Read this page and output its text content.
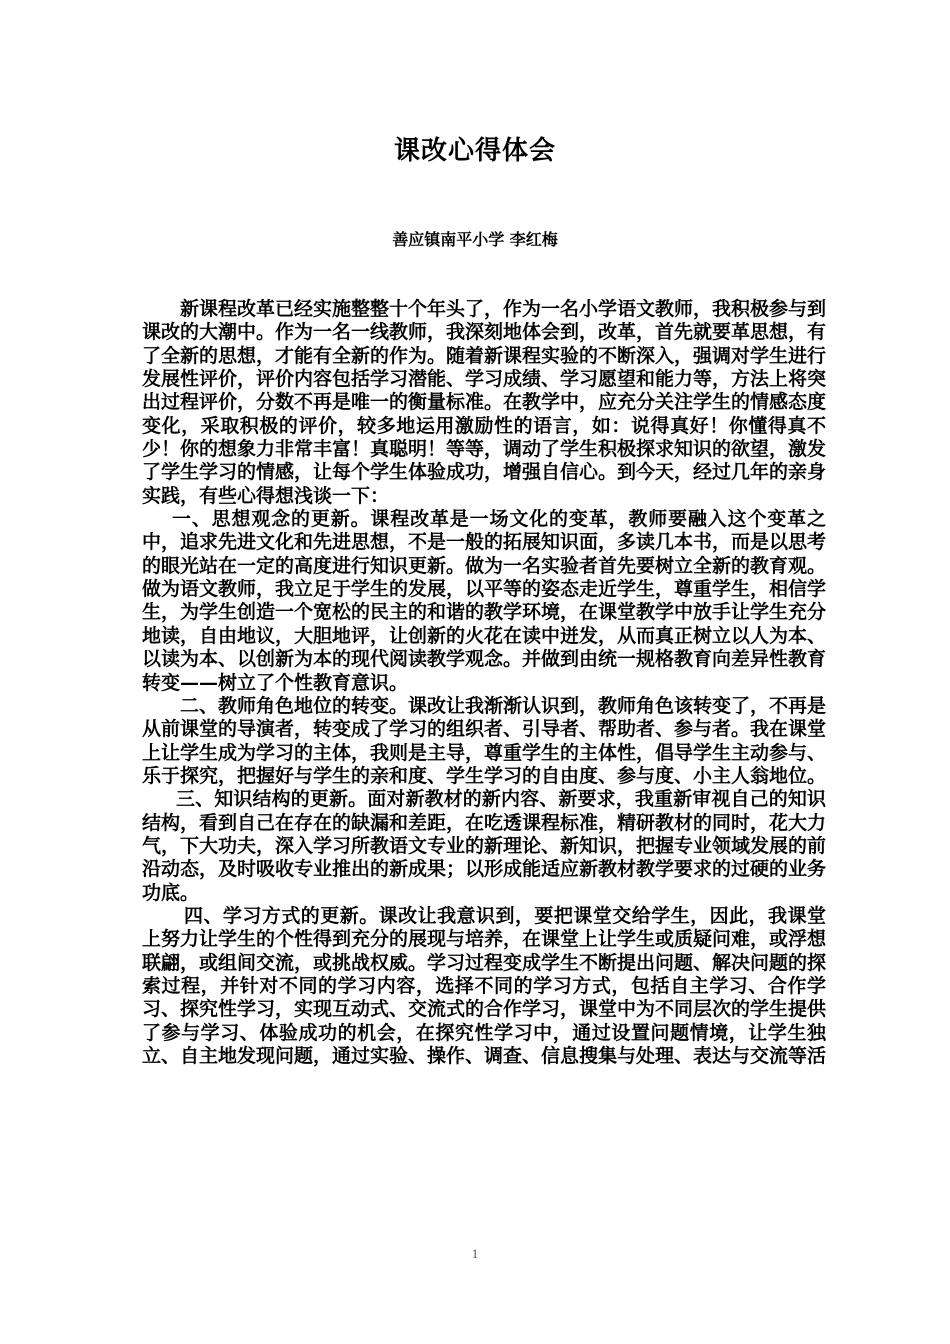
课改心得体会
善应镇南平小学 李红梅

新课程改革已经实施整整十个年头了，作为一名小学语文教师，我积极参与到课改的大潮中。作为一名一线教师，我深刻地体会到，改革，首先就要革思想，有了全新的思想，才能有全新的作为。随着新课程实验的不断深入，强调对学生进行发展性评价，评价内容包括学习潜能、学习成绩、学习愿望和能力等，方法上将突出过程评价，分数不再是唯一的衡量标准。在教学中，应充分关注学生的情感态度变化，采取积极的评价，较多地运用激励性的语言，如：说得真好！你懂得真不少！你的想象力非常丰富！真聪明！等等，调动了学生积极探求知识的欲望，激发了学生学习的情感，让每个学生体验成功，增强自信心。到今天，经过几年的亲身实践，有些心得想浅谈一下：

一、思想观念的更新。课程改革是一场文化的变革，教师要融入这个变革之中，追求先进文化和先进思想，不是一般的拓展知识面，多读几本书，而是以思考的眼光站在一定的高度进行知识更新。做为一名实验者首先要树立全新的教育观。做为语文教师，我立足于学生的发展，以平等的姿态走近学生，尊重学生，相信学生，为学生创造一个宽松的民主的和谐的教学环境，在课堂教学中放手让学生充分地读，自由地议，大胆地评，让创新的火花在读中迸发，从而真正树立以人为本、以读为本、以创新为本的现代阅读教学观念。并做到由统一规格教育向差异性教育转变——树立了个性教育意识。

二、教师角色地位的转变。课改让我渐渐认识到，教师角色该转变了，不再是从前课堂的导演者，转变成了学习的组织者、引导者、帮助者、参与者。我在课堂上让学生成为学习的主体，我则是主导，尊重学生的主体性，倡导学生主动参与、乐于探究，把握好与学生的亲和度、学生学习的自由度、参与度、小主人翁地位。

三、知识结构的更新。面对新教材的新内容、新要求，我重新审视自己的知识结构，看到自己在存在的缺漏和差距，在吃透课程标准，精研教材的同时，花大力气，下大功夫，深入学习所教语文专业的新理论、新知识，把握专业领域发展的前沿动态，及时吸收专业推出的新成果；以形成能适应新教材教学要求的过硬的业务功底。

四、学习方式的更新。课改让我意识到，要把课堂交给学生，因此，我课堂上努力让学生的个性得到充分的展现与培养，在课堂上让学生或质疑问难，或浮想联翩，或组间交流，或挑战权威。学习过程变成学生不断提出问题、解决问题的探索过程，并针对不同的学习内容，选择不同的学习方式，包括自主学习、合作学习、探究性学习，实现互动式、交流式的合作学习，课堂中为不同层次的学生提供了参与学习、体验成功的机会，在探究性学习中，通过设置问题情境，让学生独立、自主地发现问题，通过实验、操作、调查、信息搜集与处理、表达与交流等活

1
